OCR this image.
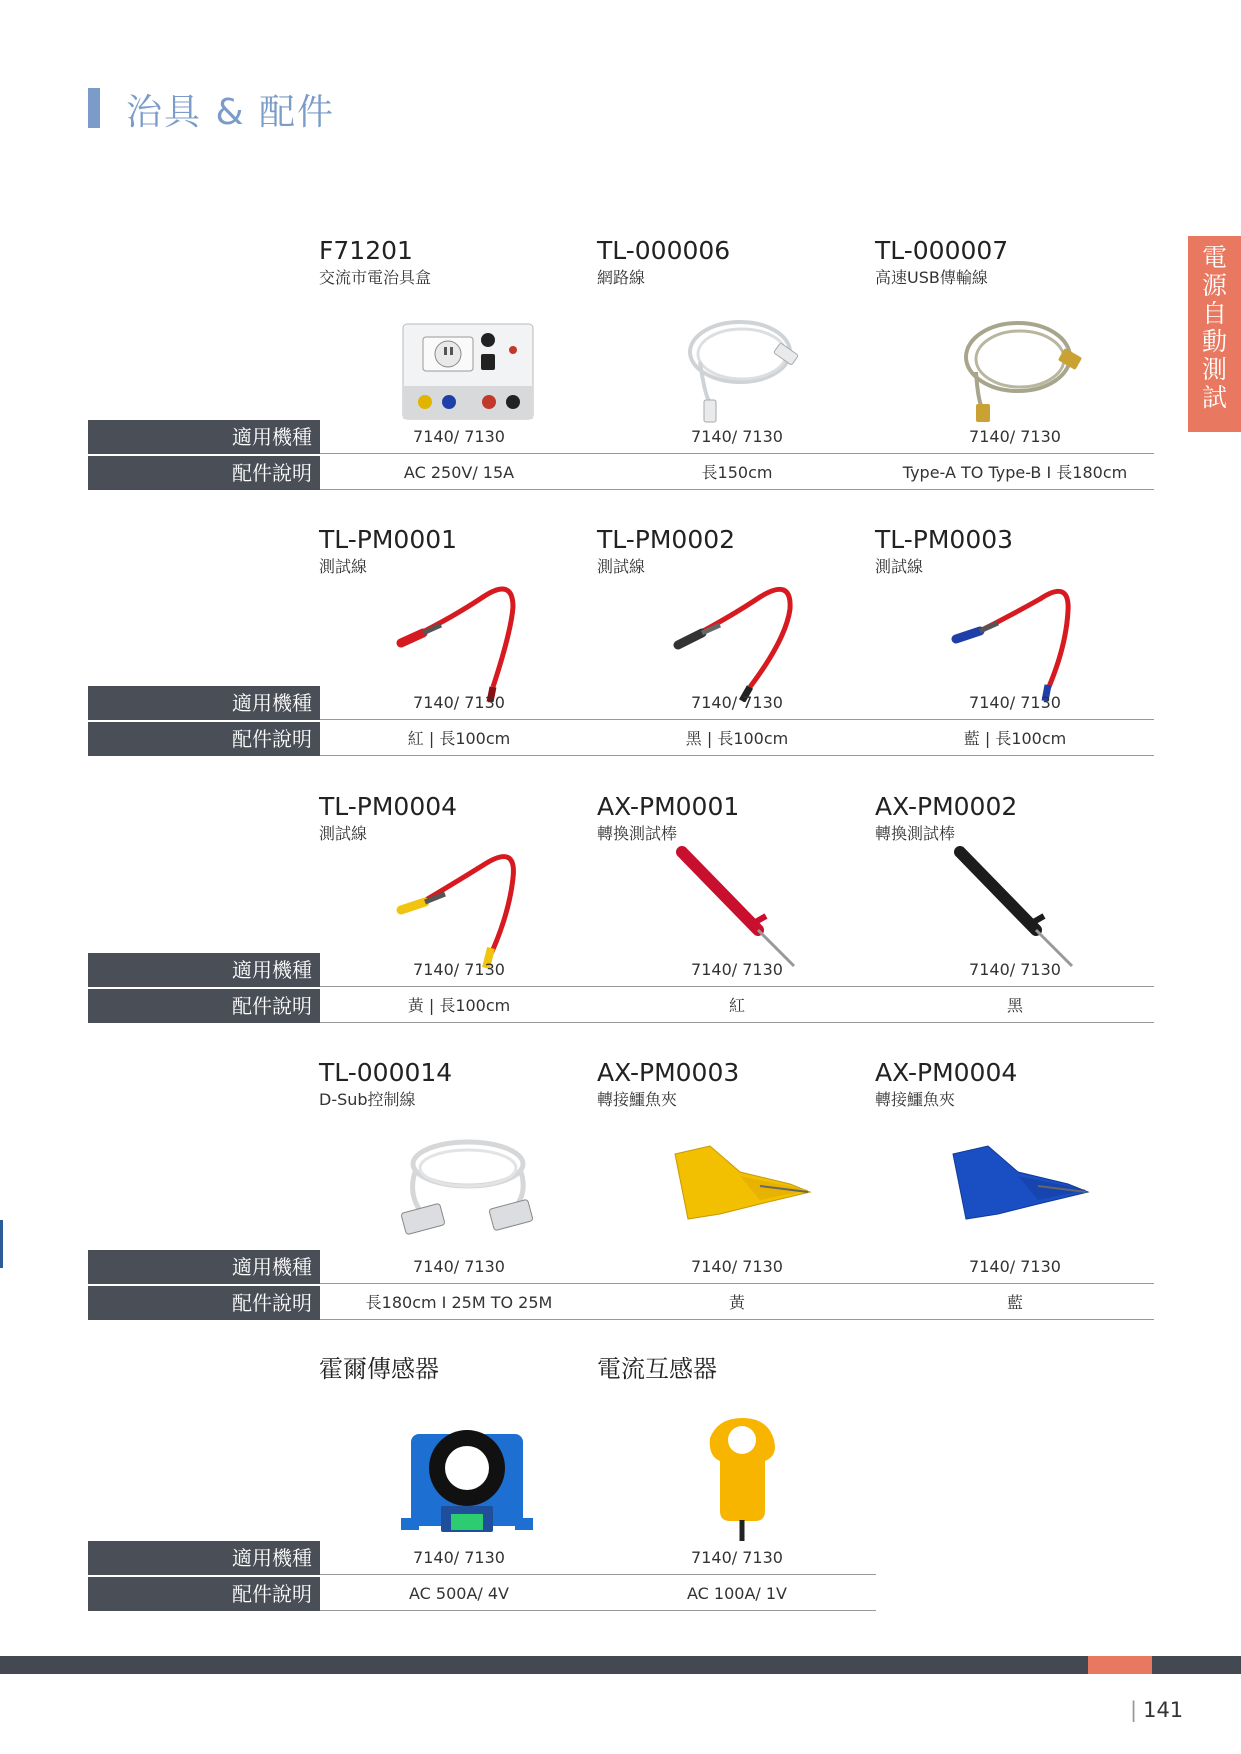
治具 & 配件
電
源
自
動
測
試
F71201
交流市電治具盒
TL-000006
網路線
TL-000007
高速USB傳輸線
適用機種	7140/ 7130	7140/ 7130	7140/ 7130
配件說明	AC 250V/ 15A	長150cm	Type-A TO Type-B I 長180cm
TL-PM0001
測試線
TL-PM0002
測試線
TL-PM0003
測試線
適用機種	7140/ 7130	7140/ 7130	7140/ 7130
配件說明	紅 | 長100cm	黑 | 長100cm	藍 | 長100cm
TL-PM0004
測試線
AX-PM0001
轉換測試棒
AX-PM0002
轉換測試棒
適用機種	7140/ 7130	7140/ 7130	7140/ 7130
配件說明	黃 | 長100cm	紅	黑
TL-000014
D-Sub控制線
AX-PM0003
轉接鱷魚夾
AX-PM0004
轉接鱷魚夾
適用機種	7140/ 7130	7140/ 7130	7140/ 7130
配件說明	長180cm I 25M TO 25M	黃	藍
霍爾傳感器	電流互感器
適用機種	7140/ 7130	7140/ 7130
配件說明	AC 500A/ 4V	AC 100A/ 1V
| 141
